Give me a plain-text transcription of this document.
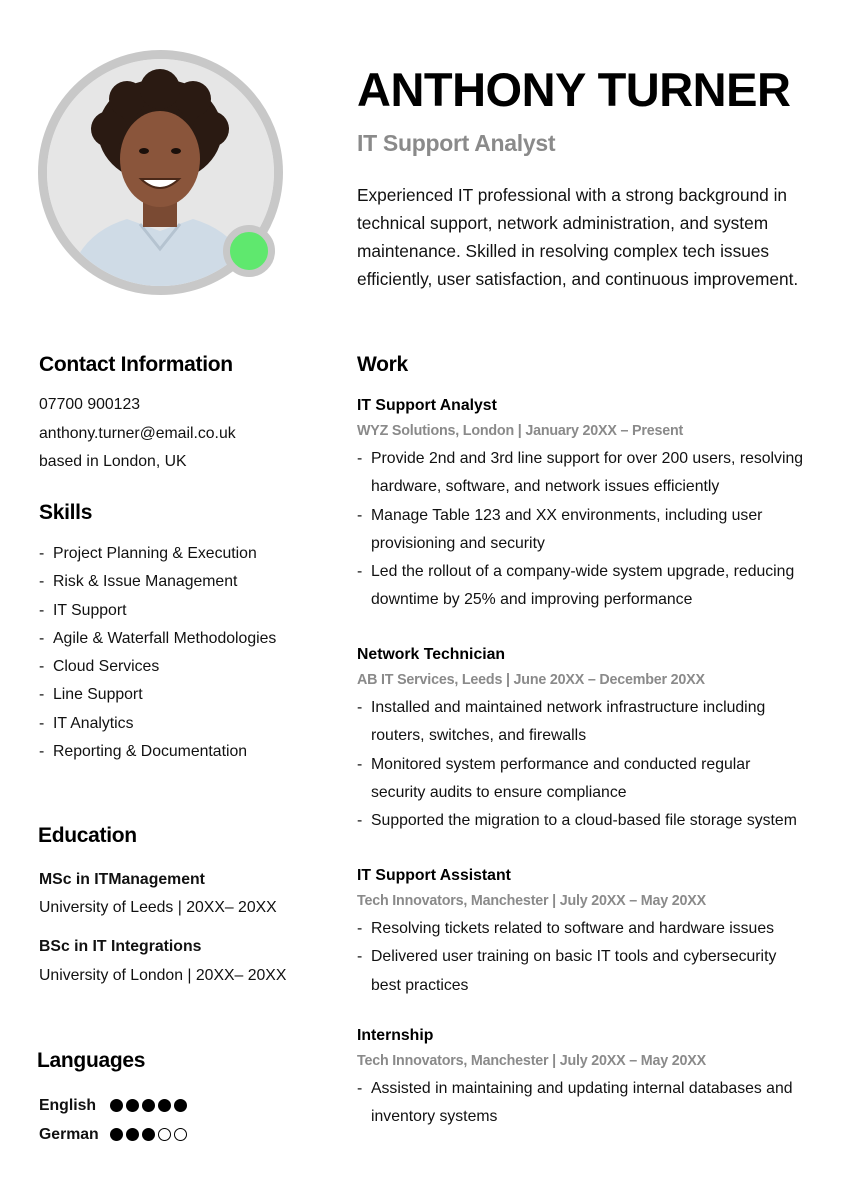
ANTHONY TURNER
IT Support Analyst

Experienced IT professional with a strong background in technical support, network administration, and system maintenance. Skilled in resolving complex tech issues efficiently, user satisfaction, and continuous improvement.

Contact Information
07700 900123
anthony.turner@email.co.uk
based in London, UK
Skills
- Project Planning & Execution
- Risk & Issue Management
- IT Support
- Agile & Waterfall Methodologies
- Cloud Services
- Line Support
- IT Analytics
- Reporting & Documentation
Education
MSc in ITManagement
University of Leeds | 20XX– 20XX
BSc in IT Integrations
University of London | 20XX– 20XX
Languages
English
German
Work
IT Support Analyst
WYZ Solutions, London | January 20XX – Present
- Provide 2nd and 3rd line support for over 200 users, resolving hardware, software, and network issues efficiently
- Manage Table 123 and XX environments, including user provisioning and security
- Led the rollout of a company-wide system upgrade, reducing downtime by 25% and improving performance
Network Technician
AB IT Services, Leeds | June 20XX – December 20XX
- Installed and maintained network infrastructure including routers, switches, and firewalls
- Monitored system performance and conducted regular security audits to ensure compliance
- Supported the migration to a cloud-based file storage system
IT Support Assistant
Tech Innovators, Manchester | July 20XX – May 20XX
- Resolving tickets related to software and hardware issues
- Delivered user training on basic IT tools and cybersecurity best practices
Internship
Tech Innovators, Manchester | July 20XX – May 20XX
- Assisted in maintaining and updating internal databases and inventory systems
